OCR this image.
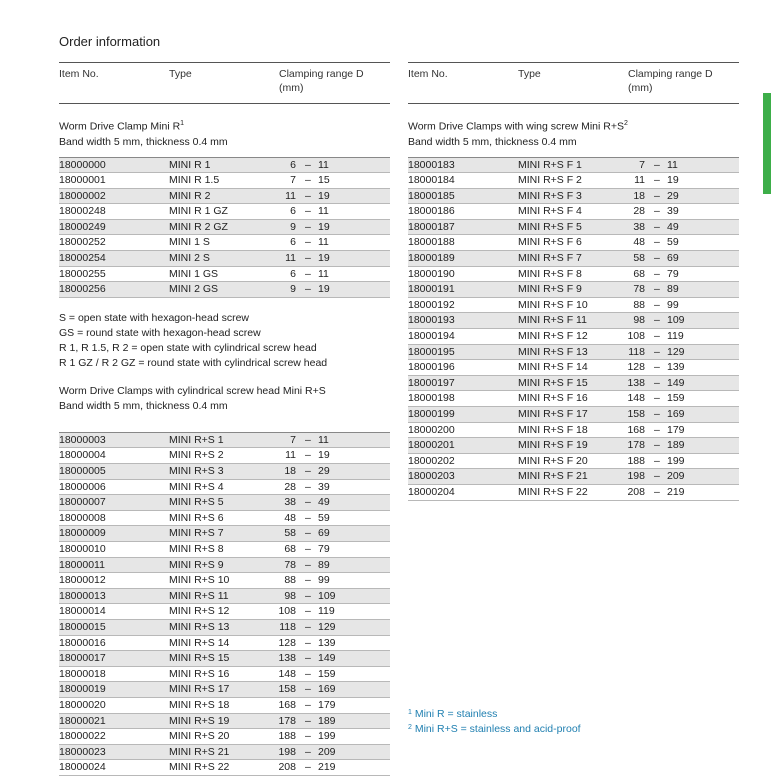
Order information
Item No.	Type	Clamping range D
(mm)
Worm Drive Clamp Mini $R^1$
Band width 5 mm, thickness 0.4 mm
18000000	MINI R 1	6 – 11
18000001	MINI R 1.5	7 – 15
18000002	MINI R 2	11 – 19
18000248	MINI R 1 GZ	6 – 11
18000249	MINI R 2 GZ	9 – 19
18000252	MINI 1 S	6 – 11
18000254	MINI 2 S	11 – 19
18000255	MINI 1 GS	6 – 11
18000256	MINI 2 GS	9 – 19
S = open state with hexagon-head screw
GS = round state with hexagon-head screw
R 1, R 1.5, R 2 = open state with cylindrical screw head
R 1 GZ / R 2 GZ = round state with cylindrical screw head
Worm Drive Clamps with cylindrical screw head Mini R+S
Band width 5 mm, thickness 0.4 mm
18000003	MINI R+S 1	7 – 11
18000004	MINI R+S 2	11 – 19
18000005	MINI R+S 3	18 – 29
18000006	MINI R+S 4	28 – 39
18000007	MINI R+S 5	38 – 49
18000008	MINI R+S 6	48 – 59
18000009	MINI R+S 7	58 – 69
18000010	MINI R+S 8	68 – 79
18000011	MINI R+S 9	78 – 89
18000012	MINI R+S 10	88 – 99
18000013	MINI R+S 11	98 – 109
18000014	MINI R+S 12	108 – 119
18000015	MINI R+S 13	118 – 129
18000016	MINI R+S 14	128 – 139
18000017	MINI R+S 15	138 – 149
18000018	MINI R+S 16	148 – 159
18000019	MINI R+S 17	158 – 169
18000020	MINI R+S 18	168 – 179
18000021	MINI R+S 19	178 – 189
18000022	MINI R+S 20	188 – 199
18000023	MINI R+S 21	198 – 209
18000024	MINI R+S 22	208 – 219
Item No.	Type	Clamping range D
(mm)
Worm Drive Clamps with wing screw Mini $R+S^2$
Band width 5 mm, thickness 0.4 mm
18000183	MINI R+S F 1	7 – 11
18000184	MINI R+S F 2	11 – 19
18000185	MINI R+S F 3	18 – 29
18000186	MINI R+S F 4	28 – 39
18000187	MINI R+S F 5	38 – 49
18000188	MINI R+S F 6	48 – 59
18000189	MINI R+S F 7	58 – 69
18000190	MINI R+S F 8	68 – 79
18000191	MINI R+S F 9	78 – 89
18000192	MINI R+S F 10	88 – 99
18000193	MINI R+S F 11	98 – 109
18000194	MINI R+S F 12	108 – 119
18000195	MINI R+S F 13	118 – 129
18000196	MINI R+S F 14	128 – 139
18000197	MINI R+S F 15	138 – 149
18000198	MINI R+S F 16	148 – 159
18000199	MINI R+S F 17	158 – 169
18000200	MINI R+S F 18	168 – 179
18000201	MINI R+S F 19	178 – 189
18000202	MINI R+S F 20	188 – 199
18000203	MINI R+S F 21	198 – 209
18000204	MINI R+S F 22	208 – 219
$^1$ Mini R = stainless
$^2$ Mini R+S = stainless and acid-proof
